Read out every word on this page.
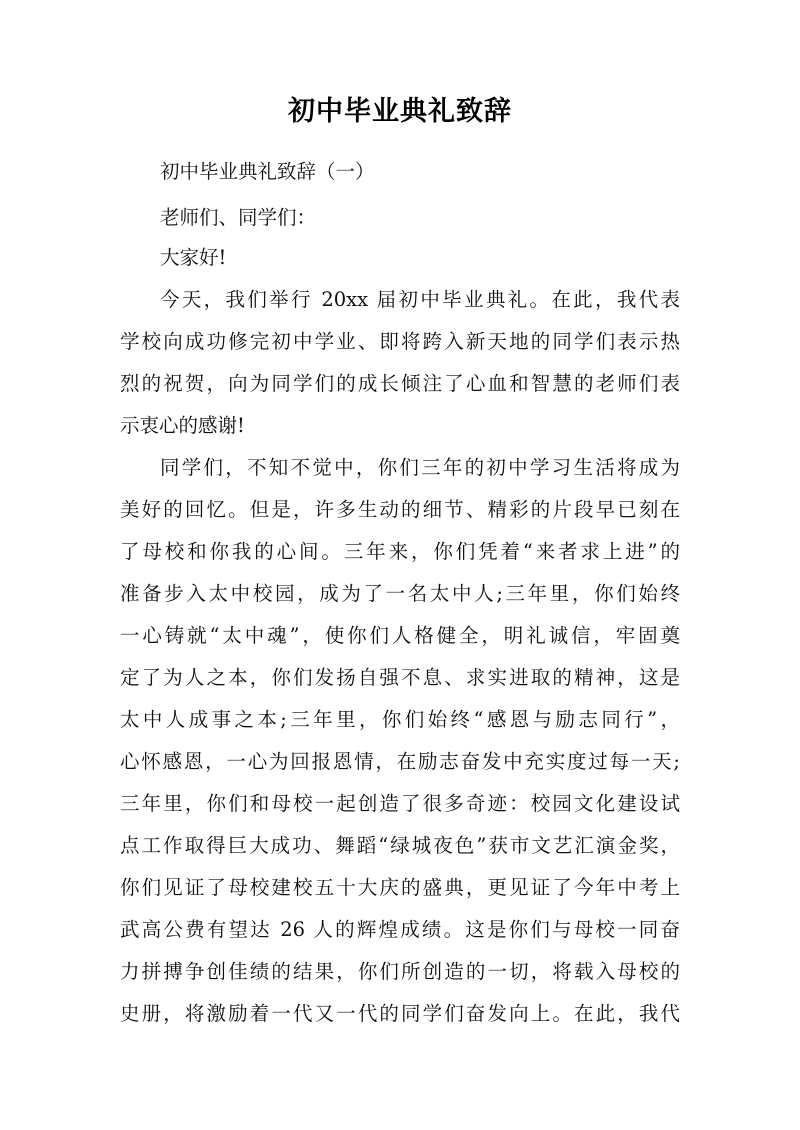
初中毕业典礼致辞
初中毕业典礼致辞（一）
老师们、同学们：
大家好!
今天，我们举行 20xx 届初中毕业典礼。在此，我代表
学校向成功修完初中学业、即将跨入新天地的同学们表示热
烈的祝贺，向为同学们的成长倾注了心血和智慧的老师们表
示衷心的感谢!
同学们，不知不觉中，你们三年的初中学习生活将成为
美好的回忆。但是，许多生动的细节、精彩的片段早已刻在
了母校和你我的心间。三年来，你们凭着“来者求上进”的
准备步入太中校园，成为了一名太中人;三年里，你们始终
一心铸就“太中魂”，使你们人格健全，明礼诚信，牢固奠
定了为人之本，你们发扬自强不息、求实进取的精神，这是
太中人成事之本;三年里，你们始终“感恩与励志同行”，
心怀感恩，一心为回报恩情，在励志奋发中充实度过每一天;
三年里，你们和母校一起创造了很多奇迹：校园文化建设试
点工作取得巨大成功、舞蹈“绿城夜色”获市文艺汇演金奖，
你们见证了母校建校五十大庆的盛典，更见证了今年中考上
武高公费有望达 26 人的辉煌成绩。这是你们与母校一同奋
力拼搏争创佳绩的结果，你们所创造的一切，将载入母校的
史册，将激励着一代又一代的同学们奋发向上。在此，我代
